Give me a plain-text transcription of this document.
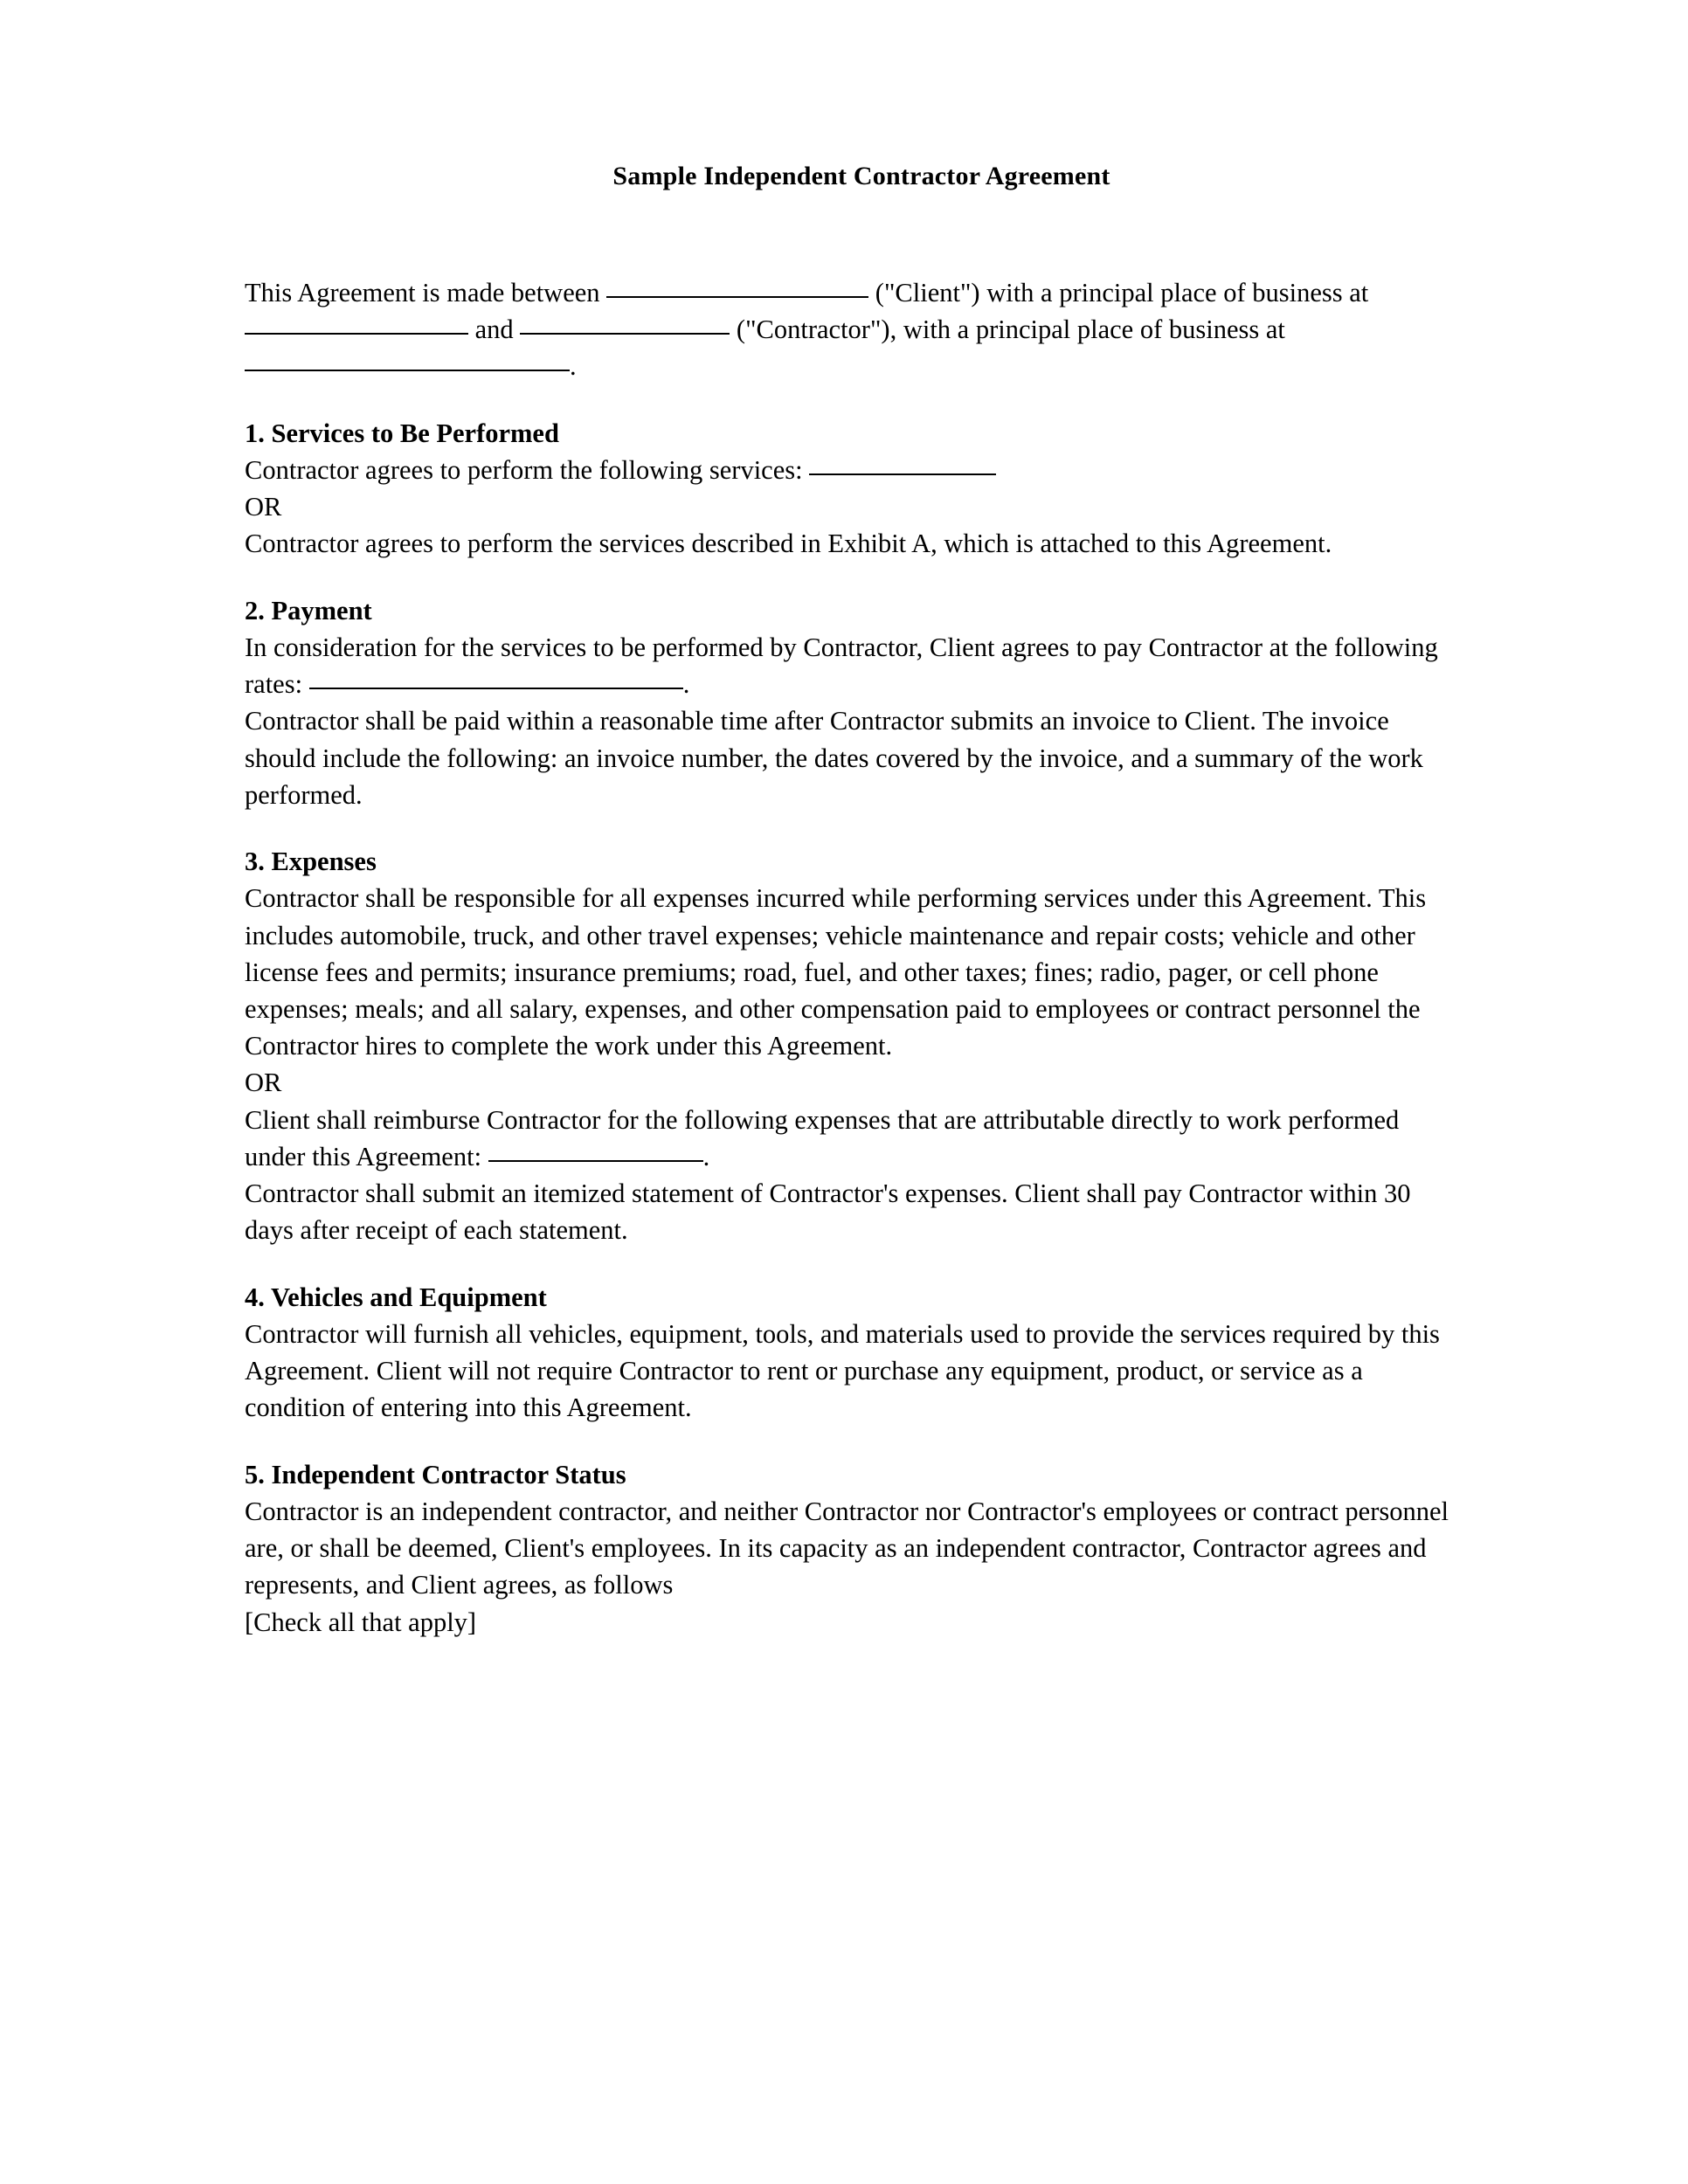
Sample Independent Contractor Agreement

This Agreement is made between	("Client") with a principal place of business at  and	("Contractor"), with a principal place of business at .

1. Services to Be Performed

Contractor agrees to perform the following services:

OR

Contractor agrees to perform the services described in Exhibit A, which is attached to this Agreement.

2. Payment

In consideration for the services to be performed by Contractor, Client agrees to pay Contractor at the following rates:	.

Contractor shall be paid within a reasonable time after Contractor submits an invoice to Client. The invoice should include the following: an invoice number, the dates covered by the invoice, and a summary of the work performed.

3. Expenses

Contractor shall be responsible for all expenses incurred while performing services under this Agreement. This includes automobile, truck, and other travel expenses; vehicle maintenance and repair costs; vehicle and other license fees and permits; insurance premiums; road, fuel, and other taxes; fines; radio, pager, or cell phone expenses; meals; and all salary, expenses, and other compensation paid to employees or contract personnel the Contractor hires to complete the work under this Agreement.

OR

Client shall reimburse Contractor for the following expenses that are attributable directly to work performed under this Agreement:	.

Contractor shall submit an itemized statement of Contractor's expenses. Client shall pay Contractor within 30 days after receipt of each statement.

4. Vehicles and Equipment

Contractor will furnish all vehicles, equipment, tools, and materials used to provide the services required by this Agreement. Client will not require Contractor to rent or purchase any equipment, product, or service as a condition of entering into this Agreement.

5. Independent Contractor Status

Contractor is an independent contractor, and neither Contractor nor Contractor's employees or contract personnel are, or shall be deemed, Client's employees. In its capacity as an independent contractor, Contractor agrees and represents, and Client agrees, as follows

[Check all that apply]
